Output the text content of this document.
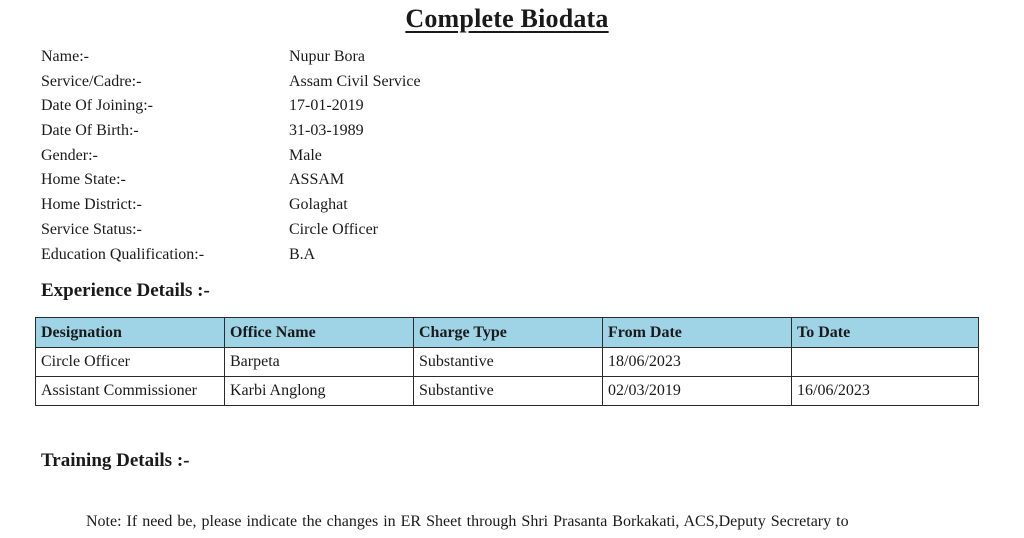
Complete Biodata
Name:-	Nupur Bora
Service/Cadre:-	Assam Civil Service
Date Of Joining:-	17-01-2019
Date Of Birth:-	31-03-1989
Gender:-	Male
Home State:-	ASSAM
Home District:-	Golaghat
Service Status:-	Circle Officer
Education Qualification:-	B.A
Experience Details :-
Designation	Office Name	Charge Type	From Date	To Date
Circle Officer	Barpeta	Substantive	18/06/2023	
Assistant Commissioner	Karbi Anglong	Substantive	02/03/2019	16/06/2023
Training Details :-
Note: If need be, please indicate the changes in ER Sheet through Shri Prasanta Borkakati, ACS,Deputy Secretary to
